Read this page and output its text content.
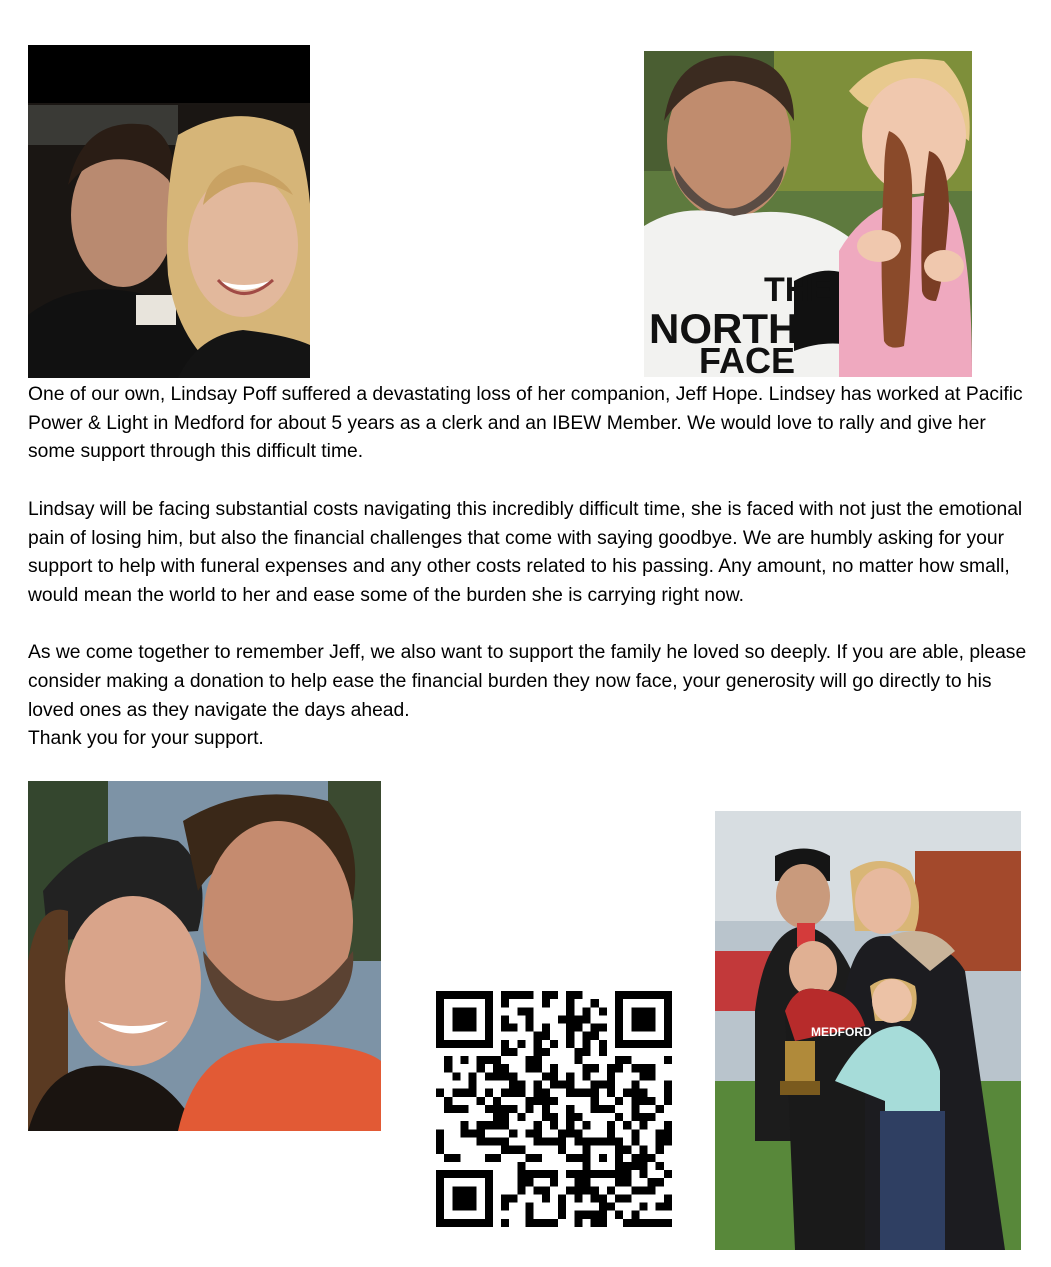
THE
NORTH
FACE

One of our own, Lindsay Poff suffered a devastating loss of her companion, Jeff Hope. Lindsey has worked at Pacific Power & Light in Medford for about 5 years as a clerk and an IBEW Member. We would love to rally and give her some support through this difficult time.

Lindsay will be facing substantial costs navigating this incredibly difficult time, she is faced with not just the emotional pain of losing him, but also the financial challenges that come with saying goodbye. We are humbly asking for your support to help with funeral expenses and any other costs related to his passing. Any amount, no matter how small, would mean the world to her and ease some of the burden she is carrying right now.

As we come together to remember Jeff, we also want to support the family he loved so deeply. If you are able, please consider making a donation to help ease the financial burden they now face, your generosity will go directly to his loved ones as they navigate the days ahead.

Thank you for your support.

MEDFORD
